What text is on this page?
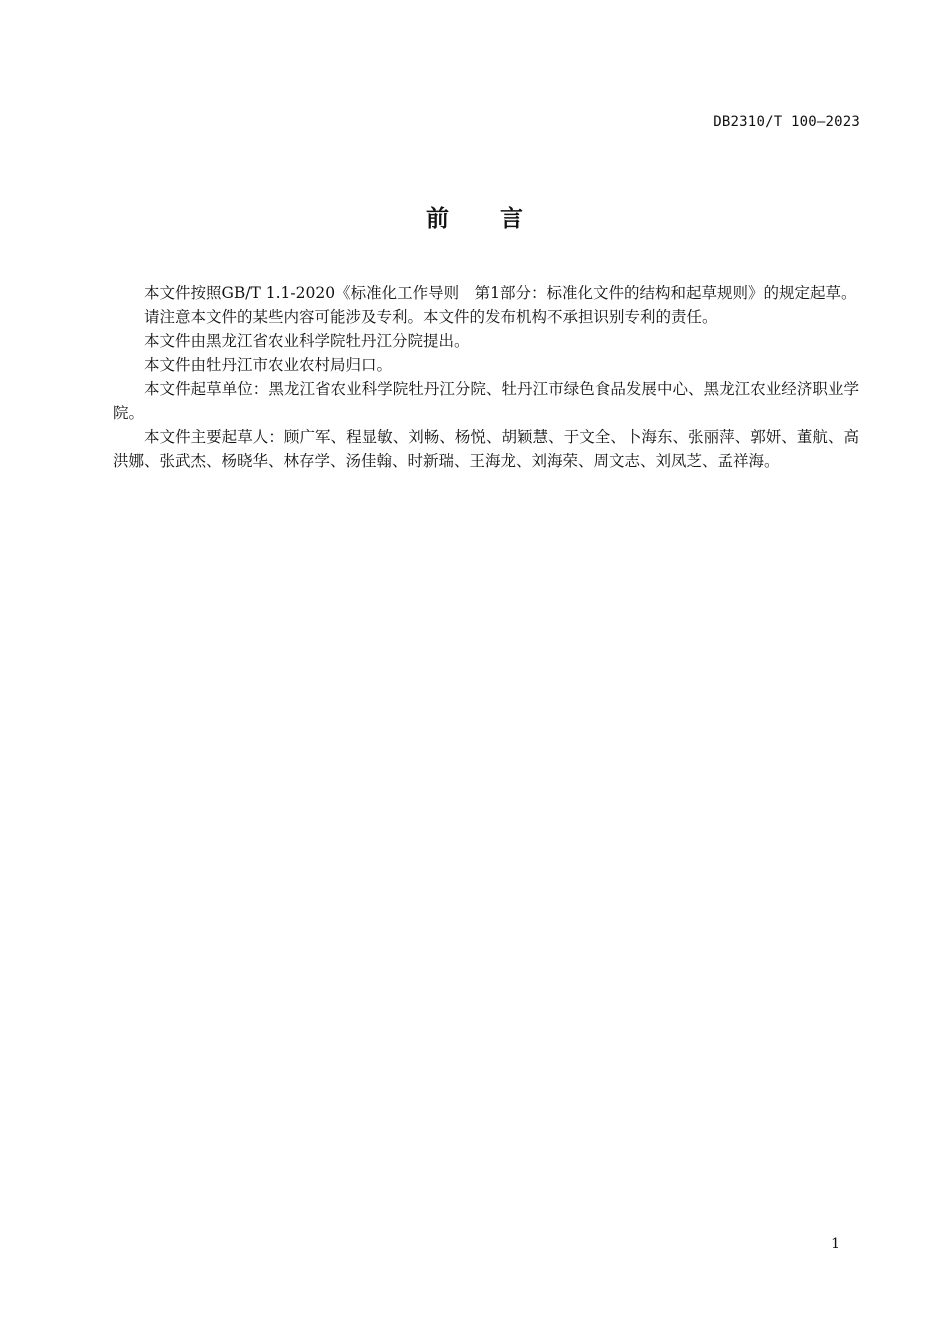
DB2310/T 100—2023
前 言

本文件按照GB/T 1.1-2020《标准化工作导则　第1部分：标准化文件的结构和起草规则》的规定起草。

请注意本文件的某些内容可能涉及专利。本文件的发布机构不承担识别专利的责任。

本文件由黑龙江省农业科学院牡丹江分院提出。

本文件由牡丹江市农业农村局归口。

本文件起草单位：黑龙江省农业科学院牡丹江分院、牡丹江市绿色食品发展中心、黑龙江农业经济职业学院。

本文件主要起草人：顾广军、程显敏、刘畅、杨悦、胡颖慧、于文全、卜海东、张丽萍、郭妍、董航、高洪娜、张武杰、杨晓华、林存学、汤佳翰、时新瑞、王海龙、刘海荣、周文志、刘凤芝、孟祥海。

1
